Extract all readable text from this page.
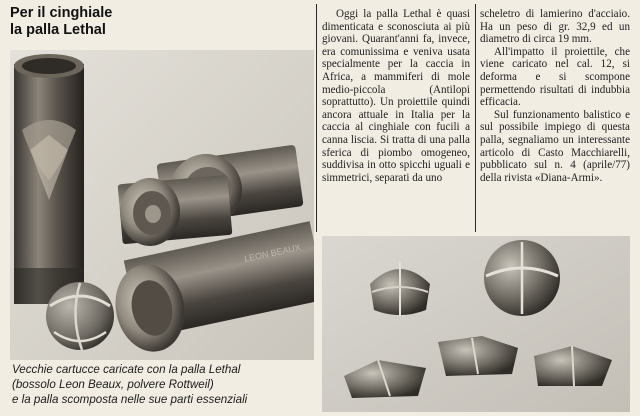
Per il cinghiale
la palla Lethal
LEON BEAUX
Vecchie cartucce caricate con la palla Lethal
(bossolo Leon Beaux, polvere Rottweil)
e la palla scomposta nelle sue parti essenziali

Oggi la palla Lethal è quasi dimenticata e sconosciuta ai più giovani. Quarant'anni fa, invece, era comunissima e veniva usata specialmente per la caccia in Africa, a mammiferi di mole medio-piccola (Antilopi soprattutto). Un proiettile quindi ancora attuale in Italia per la caccia al cinghiale con fucili a canna liscia. Si tratta di una palla sferica di piombo omogeneo, suddivisa in otto spicchi uguali e simmetrici, separati da uno

scheletro di lamierino d'acciaio. Ha un peso di gr. 32,9 ed un diametro di circa 19 mm.

All'impatto il proiettile, che viene caricato nel cal. 12, si deforma e si scompone permettendo risultati di indubbia efficacia.

Sul funzionamento balistico e sul possibile impiego di questa palla, segnaliamo un interessante articolo di Casto Macchiarelli, pubblicato sul n. 4 (aprile/77) della rivista «Diana-Armi».
